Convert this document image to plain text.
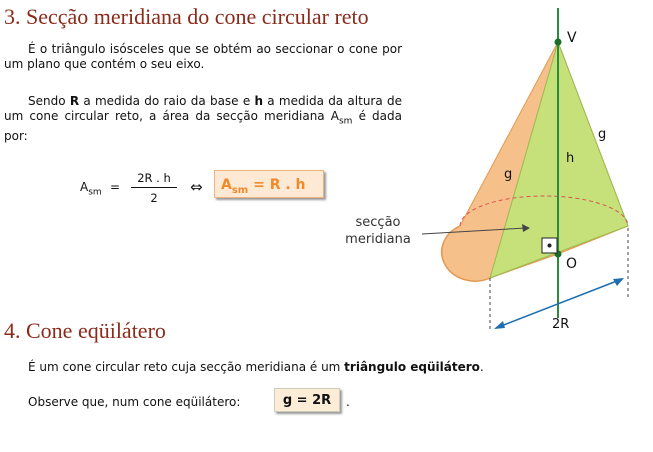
3. Secção meridiana do cone circular reto
É o triângulo isósceles que se obtém ao seccionar o cone por um plano que contém o seu eixo.
Sendo R a medida do raio da base e h a medida da altura de um cone circular reto, a área da secção meridiana $A_{sm}$ é dada por:
$A_{sm}$ =
2R . h
2
⇔	$A_{sm} = R$ . h
V
O
g
g
h
2R
secção
meridiana
4. Cone eqüilátero
É um cone circular reto cuja secção meridiana é um triângulo eqüilátero.
Observe que, num cone eqüilátero:	g = 2R	.
